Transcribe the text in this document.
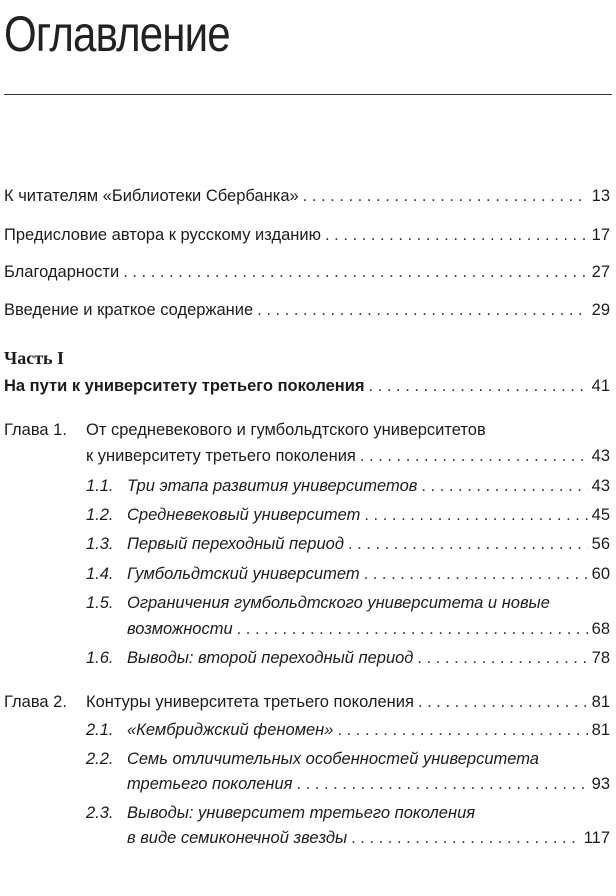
Оглавление
К читателям «Библиотеки Сбербанка» . . .	13
Предисловие автора к русскому изданию . . .	17
Благодарности . . .	27
Введение и краткое содержание . . .	29
Часть I
На пути к университету третьего поколения . . .	41
Глава 1. От средневекового и гумбольдтского университетов
к университету третьего поколения . . .	43
1.1. Три этапа развития университетов . . .	43
1.2. Средневековый университет . . .	45
1.3. Первый переходный период . . .	56
1.4. Гумбольдтский университет . . .	60
1.5. Ограничения гумбольдтского университета и новые
возможности . . .	68
1.6. Выводы: второй переходный период . . .	78
Глава 2. Контуры университета третьего поколения . . .	81
2.1. «Кембриджский феномен» . . .	81
2.2. Семь отличительных особенностей университета
третьего поколения . . .	93
2.3. Выводы: университет третьего поколения
в виде семиконечной звезды . . .	117
